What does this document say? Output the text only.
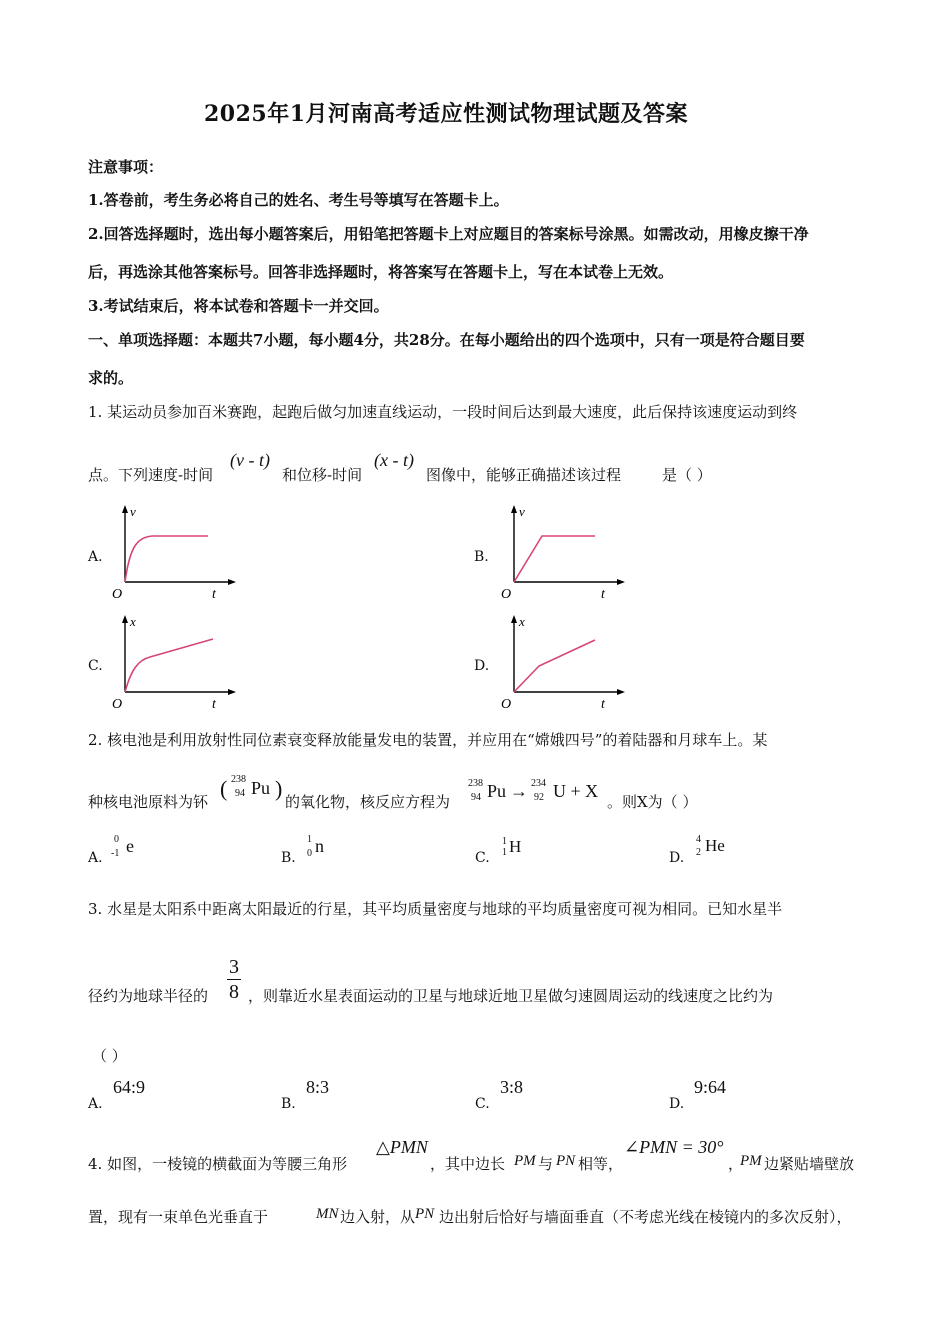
2025年1月河南高考适应性测试物理试题及答案
注意事项：
1.答卷前，考生务必将自己的姓名、考生号等填写在答题卡上。
2.回答选择题时，选出每小题答案后，用铅笔把答题卡上对应题目的答案标号涂黑。如需改动，用橡皮擦干净
后，再选涂其他答案标号。回答非选择题时，将答案写在答题卡上，写在本试卷上无效。
3.考试结束后，将本试卷和答题卡一并交回。
一、单项选择题：本题共7小题，每小题4分，共28分。在每小题给出的四个选项中，只有一项是符合题目要
求的。
1. 某运动员参加百米赛跑，起跑后做匀加速直线运动，一段时间后达到最大速度，此后保持该速度运动到终
点。下列速度-时间
(v - t)
和位移-时间
(x - t)
图像中，能够正确描述该过程	是（ ）
A.	B.
C.	D.
v
t
O
v
t
O
x
t
O
x
t
O
2. 核电池是利用放射性同位素衰变释放能量发电的装置，并应用在“嫦娥四号”的着陆器和月球车上。某
种核电池原料为钚
( 238
94 Pu )
的氧化物，核反应方程为
238
94 Pu → 234
92 U + X
。则X为（ ）
A.
0
-1 e
B.
1
0 n
C.
1
1 H
D.
4
2 He
3. 水星是太阳系中距离太阳最近的行星，其平均质量密度与地球的平均质量密度可视为相同。已知水星半
径约为地球半径的 $\frac{3}{8}$ ，则靠近水星表面运动的卫星与地球近地卫星做匀速圆周运动的线速度之比约为
（ ）
A.
64:9
B.
8:3
C.
3:8
D.
9:64
4. 如图，一棱镜的横截面为等腰三角形
△PMN
，其中边长 PM 与 PN 相等，
∠PMN = 30°
，
PM 边紧贴墙壁放
置，现有一束单色光垂直于	MN 边入射，从 PN 边出射后恰好与墙面垂直（不考虑光线在棱镜内的多次反射），
